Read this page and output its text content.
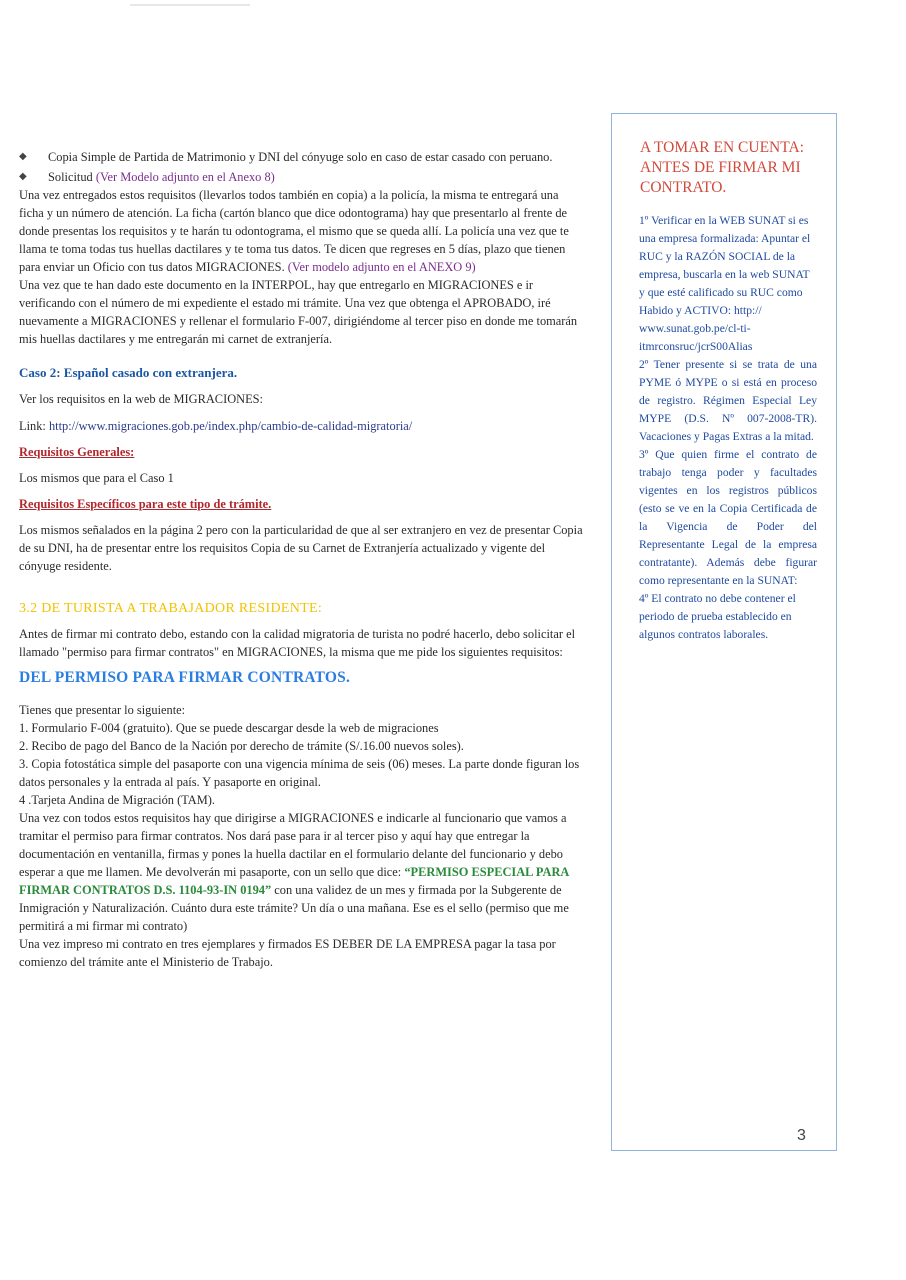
◆ Copia Simple de Partida de Matrimonio y DNI del cónyuge solo en caso de estar casado con peruano.

◆ Solicitud (Ver Modelo adjunto en el Anexo 8)

Una vez entregados estos requisitos (llevarlos todos también en copia) a la policía, la misma te entregará una ficha y un número de atención. La ficha (cartón blanco que dice odontograma) hay que presentarlo al frente de donde presentas los requisitos y te harán tu odontograma, el mismo que se queda allí. La policía una vez que te llama te toma todas tus huellas dactilares y te toma tus datos. Te dicen que regreses en 5 días, plazo que tienen para enviar un Oficio con tus datos MIGRACIONES. (Ver modelo adjunto en el ANEXO 9)

Una vez que te han dado este documento en la INTERPOL, hay que entregarlo en MIGRACIONES e ir verificando con el número de mi expediente el estado mi trámite. Una vez que obtenga el APROBADO, iré nuevamente a MIGRACIONES y rellenar el formulario F-007, dirigiéndome al tercer piso en donde me tomarán mis huellas dactilares y me entregarán mi carnet de extranjería.

Caso 2: Español casado con extranjera.

Ver los requisitos en la web de MIGRACIONES:

Link: http://www.migraciones.gob.pe/index.php/cambio-de-calidad-migratoria/

Requisitos Generales:

Los mismos que para el Caso 1

Requisitos Específicos para este tipo de trámite.

Los mismos señalados en la página 2 pero con la particularidad de que al ser extranjero en vez de presentar Copia de su DNI, ha de presentar entre los requisitos Copia de su Carnet de Extranjería actualizado y vigente del cónyuge residente.

3.2 DE TURISTA A TRABAJADOR RESIDENTE:

Antes de firmar mi contrato debo, estando con la calidad migratoria de turista no podré hacerlo, debo solicitar el llamado "permiso para firmar contratos" en MIGRACIONES, la misma que me pide los siguientes requisitos:

DEL PERMISO PARA FIRMAR CONTRATOS.

Tienes que presentar lo siguiente:

1. Formulario F-004 (gratuito). Que se puede descargar desde la web de migraciones

2. Recibo de pago del Banco de la Nación por derecho de trámite (S/.16.00 nuevos soles).

3. Copia fotostática simple del pasaporte con una vigencia mínima de seis (06) meses. La parte donde figuran los datos personales y la entrada al país. Y pasaporte en original.

4 .Tarjeta Andina de Migración (TAM).

Una vez con todos estos requisitos hay que dirigirse a MIGRACIONES e indicarle al funcionario que vamos a tramitar el permiso para firmar contratos. Nos dará pase para ir al tercer piso y aquí hay que entregar la documentación en ventanilla, firmas y pones la huella dactilar en el formulario delante del funcionario y debo esperar a que me llamen. Me devolverán mi pasaporte, con un sello que dice: “PERMISO ESPECIAL PARA FIRMAR CONTRATOS D.S. 1104-93-IN 0194” con una validez de un mes y firmada por la Subgerente de Inmigración y Naturalización. Cuánto dura este trámite? Un día o una mañana. Ese es el sello (permiso que me permitirá a mi firmar mi contrato)

Una vez impreso mi contrato en tres ejemplares y firmados ES DEBER DE LA EMPRESA pagar la tasa por comienzo del trámite ante el Ministerio de Trabajo.

A TOMAR EN CUENTA: ANTES DE FIRMAR MI CONTRATO.

1º Verificar en la WEB SUNAT si es una empresa formalizada: Apuntar el RUC y la RAZÓN SOCIAL de la empresa, buscarla en la web SUNAT y que esté calificado su RUC como Habido y ACTIVO: http:// www.sunat.gob.pe/cl-ti-itmrconsruc/jcrS00Alias

2º Tener presente si se trata de una PYME ó MYPE o si está en proceso de registro. Régimen Especial Ley MYPE (D.S. Nº 007-2008-TR). Vacaciones y Pagas Extras a la mitad.

3º Que quien firme el contrato de trabajo tenga poder y facultades vigentes en los registros públicos (esto se ve en la Copia Certificada de la Vigencia de Poder del Representante Legal de la empresa contratante). Además debe figurar como representante en la SUNAT:

4º El contrato no debe contener el periodo de prueba establecido en algunos contratos laborales.

3
